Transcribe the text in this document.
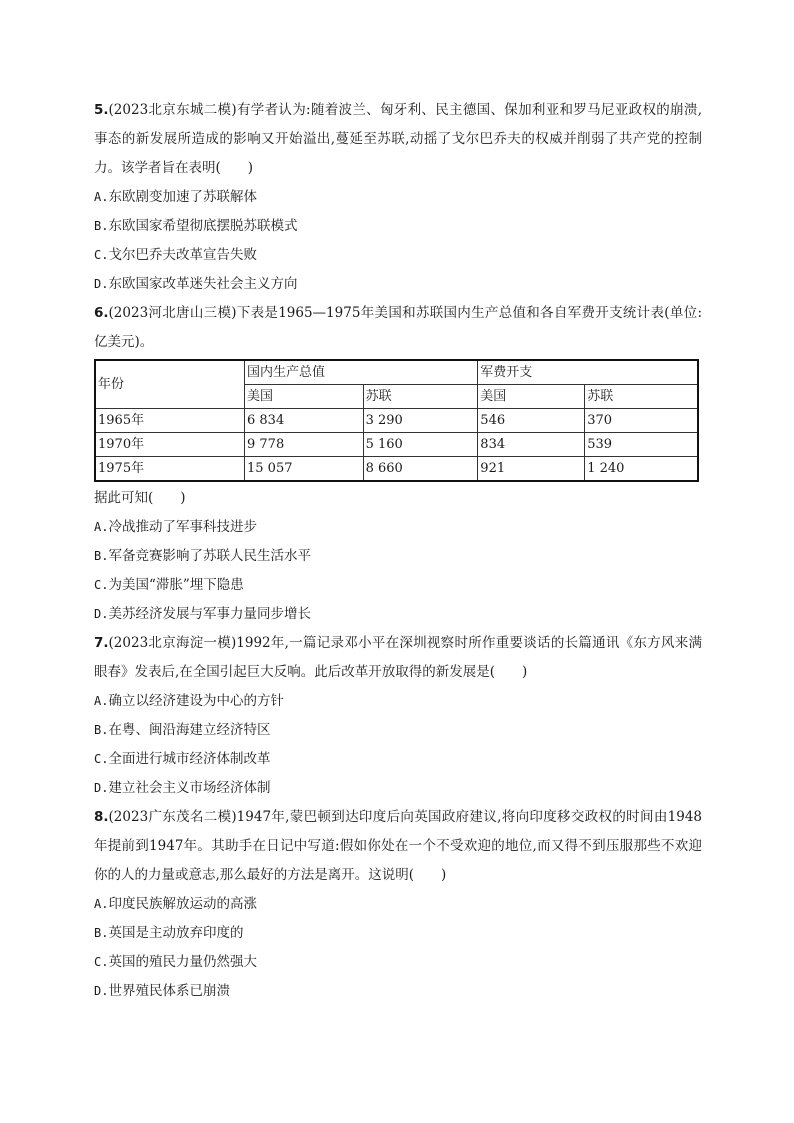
5.(2023北京东城二模)有学者认为:随着波兰、匈牙利、民主德国、保加利亚和罗马尼亚政权的崩溃,事态的新发展所造成的影响又开始溢出,蔓延至苏联,动摇了戈尔巴乔夫的权威并削弱了共产党的控制力。该学者旨在表明(　　)

A.东欧剧变加速了苏联解体

B.东欧国家希望彻底摆脱苏联模式

C.戈尔巴乔夫改革宣告失败

D.东欧国家改革迷失社会主义方向

6.(2023河北唐山三模)下表是1965—1975年美国和苏联国内生产总值和各自军费开支统计表(单位:亿美元)。

年份	国内生产总值		军费开支	
	美国	苏联	美国	苏联
1965年	6 834	3 290	546	370
1970年	9 778	5 160	834	539
1975年	15 057	8 660	921	1 240

据此可知(　　)

A.冷战推动了军事科技进步

B.军备竞赛影响了苏联人民生活水平

C.为美国“滞胀”埋下隐患

D.美苏经济发展与军事力量同步增长

7.(2023北京海淀一模)1992年,一篇记录邓小平在深圳视察时所作重要谈话的长篇通讯《东方风来满眼春》发表后,在全国引起巨大反响。此后改革开放取得的新发展是(　　)

A.确立以经济建设为中心的方针

B.在粤、闽沿海建立经济特区

C.全面进行城市经济体制改革

D.建立社会主义市场经济体制

8.(2023广东茂名二模)1947年,蒙巴顿到达印度后向英国政府建议,将向印度移交政权的时间由1948年提前到1947年。其助手在日记中写道:假如你处在一个不受欢迎的地位,而又得不到压服那些不欢迎你的人的力量或意志,那么最好的方法是离开。这说明(　　)

A.印度民族解放运动的高涨

B.英国是主动放弃印度的

C.英国的殖民力量仍然强大

D.世界殖民体系已崩溃
